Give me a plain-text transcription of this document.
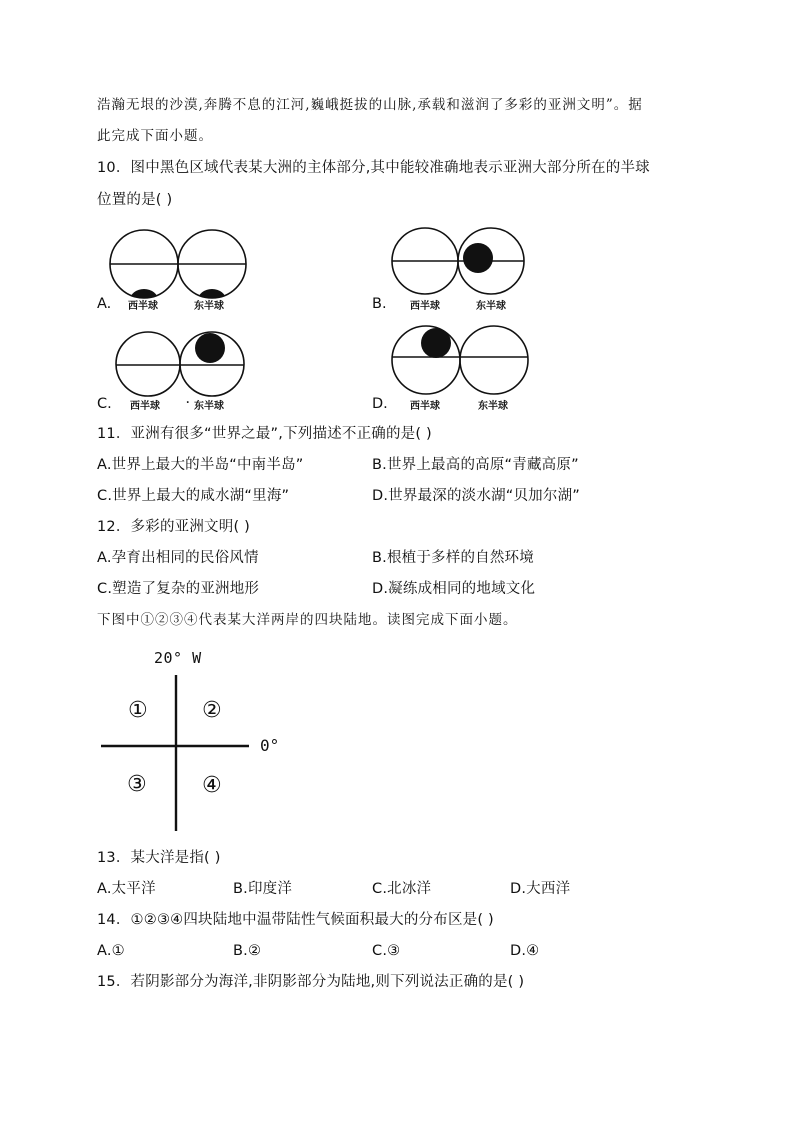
浩瀚无垠的沙漠,奔腾不息的江河,巍峨挺拔的山脉,承载和滋润了多彩的亚洲文明”。据
此完成下面小题。
10．图中黑色区域代表某大洲的主体部分,其中能较准确地表示亚洲大部分所在的半球
位置的是( )
A. 西半球	东半球	B. 西半球	东半球
C. 西半球
.
东半球	D. 西半球	东半球
11．亚洲有很多“世界之最”,下列描述不正确的是( )
A.世界上最大的半岛“中南半岛”	B.世界上最高的高原“青藏高原”
C.世界上最大的咸水湖“里海”	D.世界最深的淡水湖“贝加尔湖”
12．多彩的亚洲文明( )
A.孕育出相同的民俗风情	B.根植于多样的自然环境
C.塑造了复杂的亚洲地形	D.凝练成相同的地域文化
下图中①②③④代表某大洋两岸的四块陆地。读图完成下面小题。
20° W
0°
① ②
③	④
13．某大洋是指( )
A.太平洋	B.印度洋	C.北冰洋	D.大西洋
14．①②③④四块陆地中温带陆性气候面积最大的分布区是( )
A.①	B.②	C.③	D.④
15．若阴影部分为海洋,非阴影部分为陆地,则下列说法正确的是( )
